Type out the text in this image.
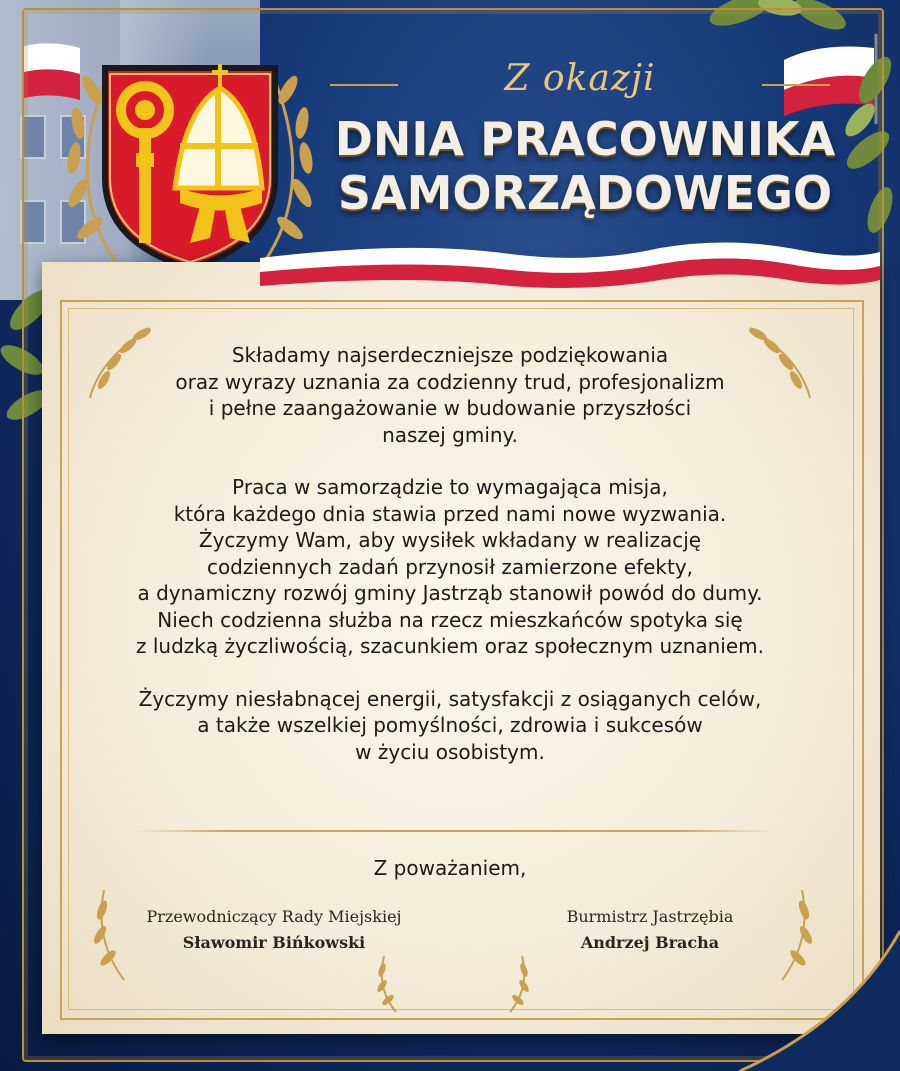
Z okazji
DNIA PRACOWNIKA
SAMORZĄDOWEGO

Składamy najserdeczniejsze podziękowania
oraz wyrazy uznania za codzienny trud, profesjonalizm
i pełne zaangażowanie w budowanie przyszłości
naszej gminy.

Praca w samorządzie to wymagająca misja,
która każdego dnia stawia przed nami nowe wyzwania.
Życzymy Wam, aby wysiłek wkładany w realizację
codziennych zadań przynosił zamierzone efekty,
a dynamiczny rozwój gminy Jastrząb stanowił powód do dumy.
Niech codzienna służba na rzecz mieszkańców spotyka się
z ludzką życzliwością, szacunkiem oraz społecznym uznaniem.

Życzymy niesłabnącej energii, satysfakcji z osiąganych celów,
a także wszelkiej pomyślności, zdrowia i sukcesów
w życiu osobistym.

Z poważaniem,
Przewodniczący Rady Miejskiej
Sławomir Bińkowski
Burmistrz Jastrzębia
Andrzej Bracha
